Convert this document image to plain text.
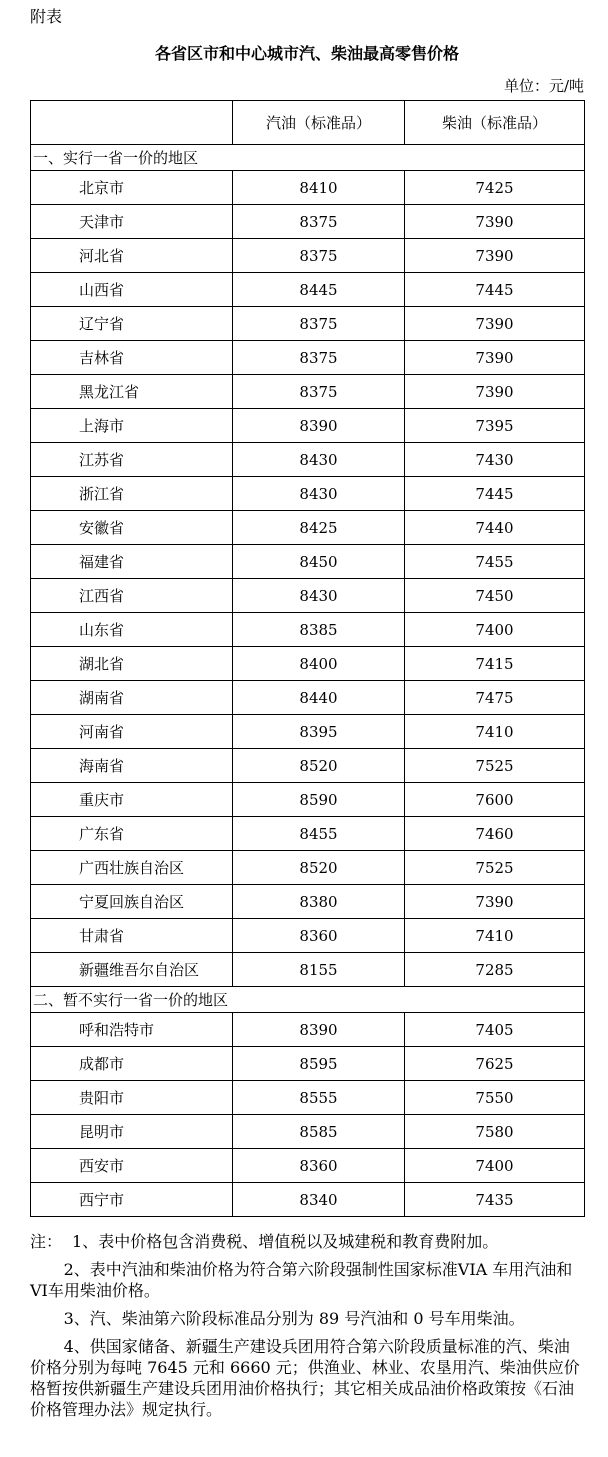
附表
各省区市和中心城市汽、柴油最高零售价格
单位：元/吨
	汽油（标准品）	柴油（标准品）
一、实行一省一价的地区		
北京市	8410	7425
天津市	8375	7390
河北省	8375	7390
山西省	8445	7445
辽宁省	8375	7390
吉林省	8375	7390
黑龙江省	8375	7390
上海市	8390	7395
江苏省	8430	7430
浙江省	8430	7445
安徽省	8425	7440
福建省	8450	7455
江西省	8430	7450
山东省	8385	7400
湖北省	8400	7415
湖南省	8440	7475
河南省	8395	7410
海南省	8520	7525
重庆市	8590	7600
广东省	8455	7460
广西壮族自治区	8520	7525
宁夏回族自治区	8380	7390
甘肃省	8360	7410
新疆维吾尔自治区	8155	7285
二、暂不实行一省一价的地区		
呼和浩特市	8390	7405
成都市	8595	7625
贵阳市	8555	7550
昆明市	8585	7580
西安市	8360	7400
西宁市	8340	7435

注： 1、表中价格包含消费税、增值税以及城建税和教育费附加。

2、表中汽油和柴油价格为符合第六阶段强制性国家标准VIA 车用汽油和VI车用柴油价格。

3、汽、柴油第六阶段标准品分别为 89 号汽油和 0 号车用柴油。

4、供国家储备、新疆生产建设兵团用符合第六阶段质量标准的汽、柴油价格分别为每吨 7645 元和 6660 元；供渔业、林业、农垦用汽、柴油供应价格暂按供新疆生产建设兵团用油价格执行；其它相关成品油价格政策按《石油价格管理办法》规定执行。
